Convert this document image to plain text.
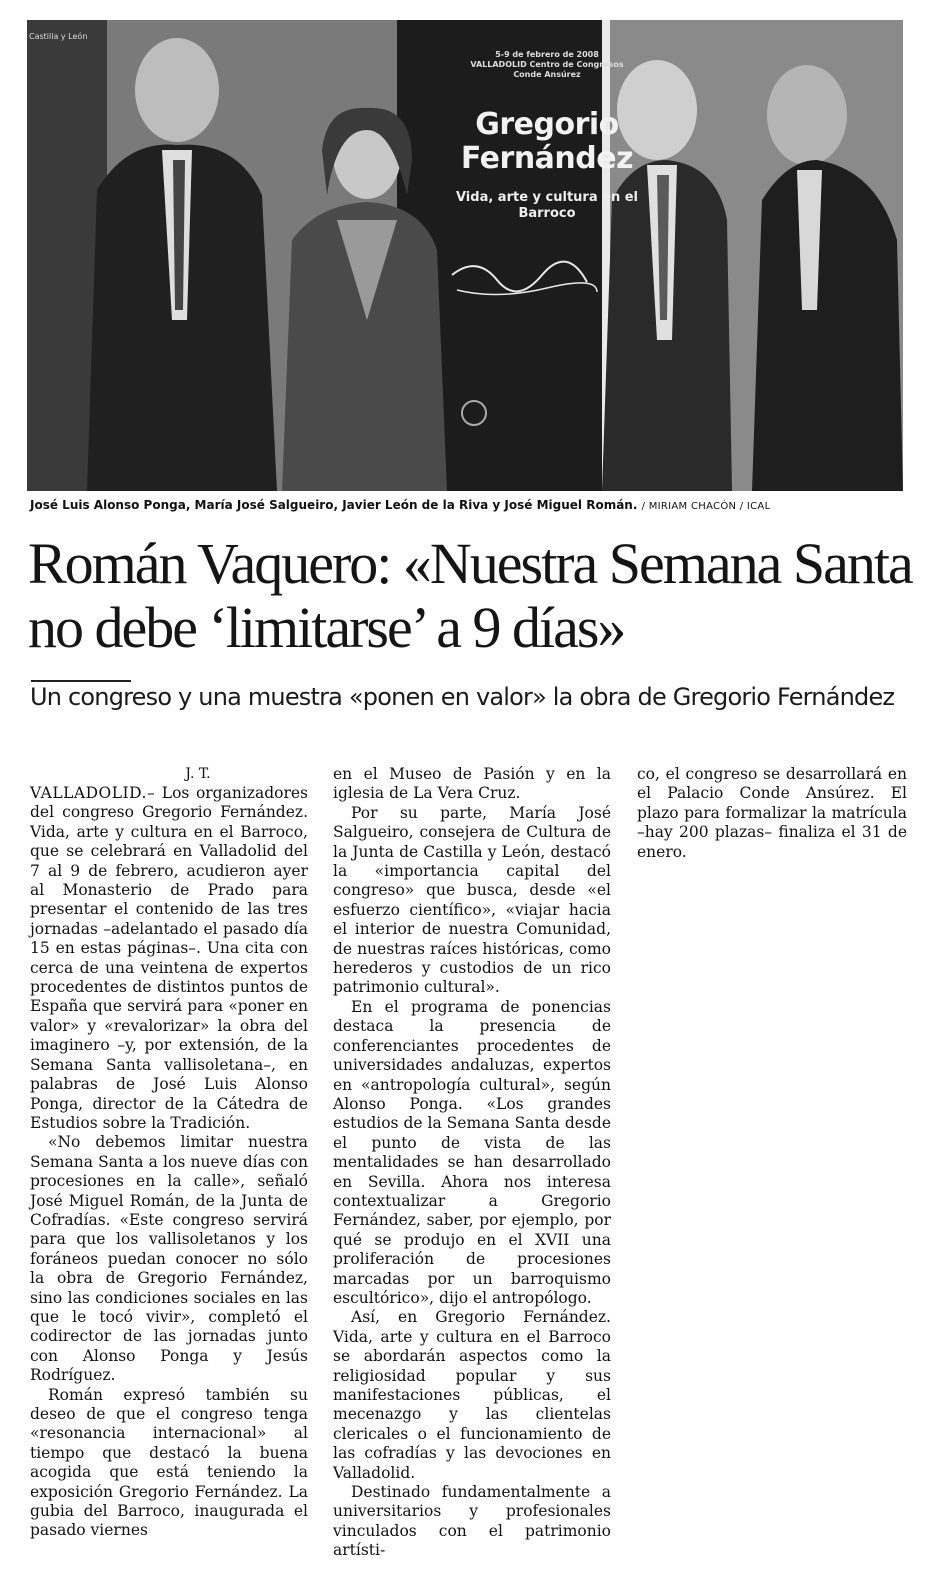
Castilla y León
5-9 de febrero de 2008 VALLADOLID Centro de Congresos Conde Ansúrez
Gregorio Fernández
Vida, arte y cultura en el Barroco
José Luis Alonso Ponga, María José Salgueiro, Javier León de la Riva y José Miguel Román. / MIRIAM CHACÓN / ICAL
Román Vaquero: «Nuestra Semana Santa no debe ‘limitarse’ a 9 días»
Un congreso y una muestra «ponen en valor» la obra de Gregorio Fernández

J. T.

VALLADOLID.– Los organizadores del congreso Gregorio Fernández. Vida, arte y cultura en el Barroco, que se celebrará en Valladolid del 7 al 9 de febrero, acudieron ayer al Monasterio de Prado para presentar el contenido de las tres jornadas –adelantado el pasado día 15 en estas páginas–. Una cita con cerca de una veintena de expertos procedentes de distintos puntos de España que servirá para «poner en valor» y «revalorizar» la obra del imaginero –y, por extensión, de la Semana Santa vallisoletana–, en palabras de José Luis Alonso Ponga, director de la Cátedra de Estudios sobre la Tradición.

«No debemos limitar nuestra Semana Santa a los nueve días con procesiones en la calle», señaló José Miguel Román, de la Junta de Cofradías. «Este congreso servirá para que los vallisoletanos y los foráneos puedan conocer no sólo la obra de Gregorio Fernández, sino las condiciones sociales en las que le tocó vivir», completó el codirector de las jornadas junto con Alonso Ponga y Jesús Rodríguez.

Román expresó también su deseo de que el congreso tenga «resonancia internacional» al tiempo que destacó la buena acogida que está teniendo la exposición Gregorio Fernández. La gubia del Barroco, inaugurada el pasado viernes

en el Museo de Pasión y en la iglesia de La Vera Cruz.

Por su parte, María José Salgueiro, consejera de Cultura de la Junta de Castilla y León, destacó la «importancia capital del congreso» que busca, desde «el esfuerzo científico», «viajar hacia el interior de nuestra Comunidad, de nuestras raíces históricas, como herederos y custodios de un rico patrimonio cultural».

En el programa de ponencias destaca la presencia de conferenciantes procedentes de universidades andaluzas, expertos en «antropología cultural», según Alonso Ponga. «Los grandes estudios de la Semana Santa desde el punto de vista de las mentalidades se han desarrollado en Sevilla. Ahora nos interesa contextualizar a Gregorio Fernández, saber, por ejemplo, por qué se produjo en el XVII una proliferación de procesiones marcadas por un barroquismo escultórico», dijo el antropólogo.

Así, en Gregorio Fernández. Vida, arte y cultura en el Barroco se abordarán aspectos como la religiosidad popular y sus manifestaciones públicas, el mecenazgo y las clientelas clericales o el funcionamiento de las cofradías y las devociones en Valladolid.

Destinado fundamentalmente a universitarios y profesionales vinculados con el patrimonio artísti-

co, el congreso se desarrollará en el Palacio Conde Ansúrez. El plazo para formalizar la matrícula –hay 200 plazas– finaliza el 31 de enero.
